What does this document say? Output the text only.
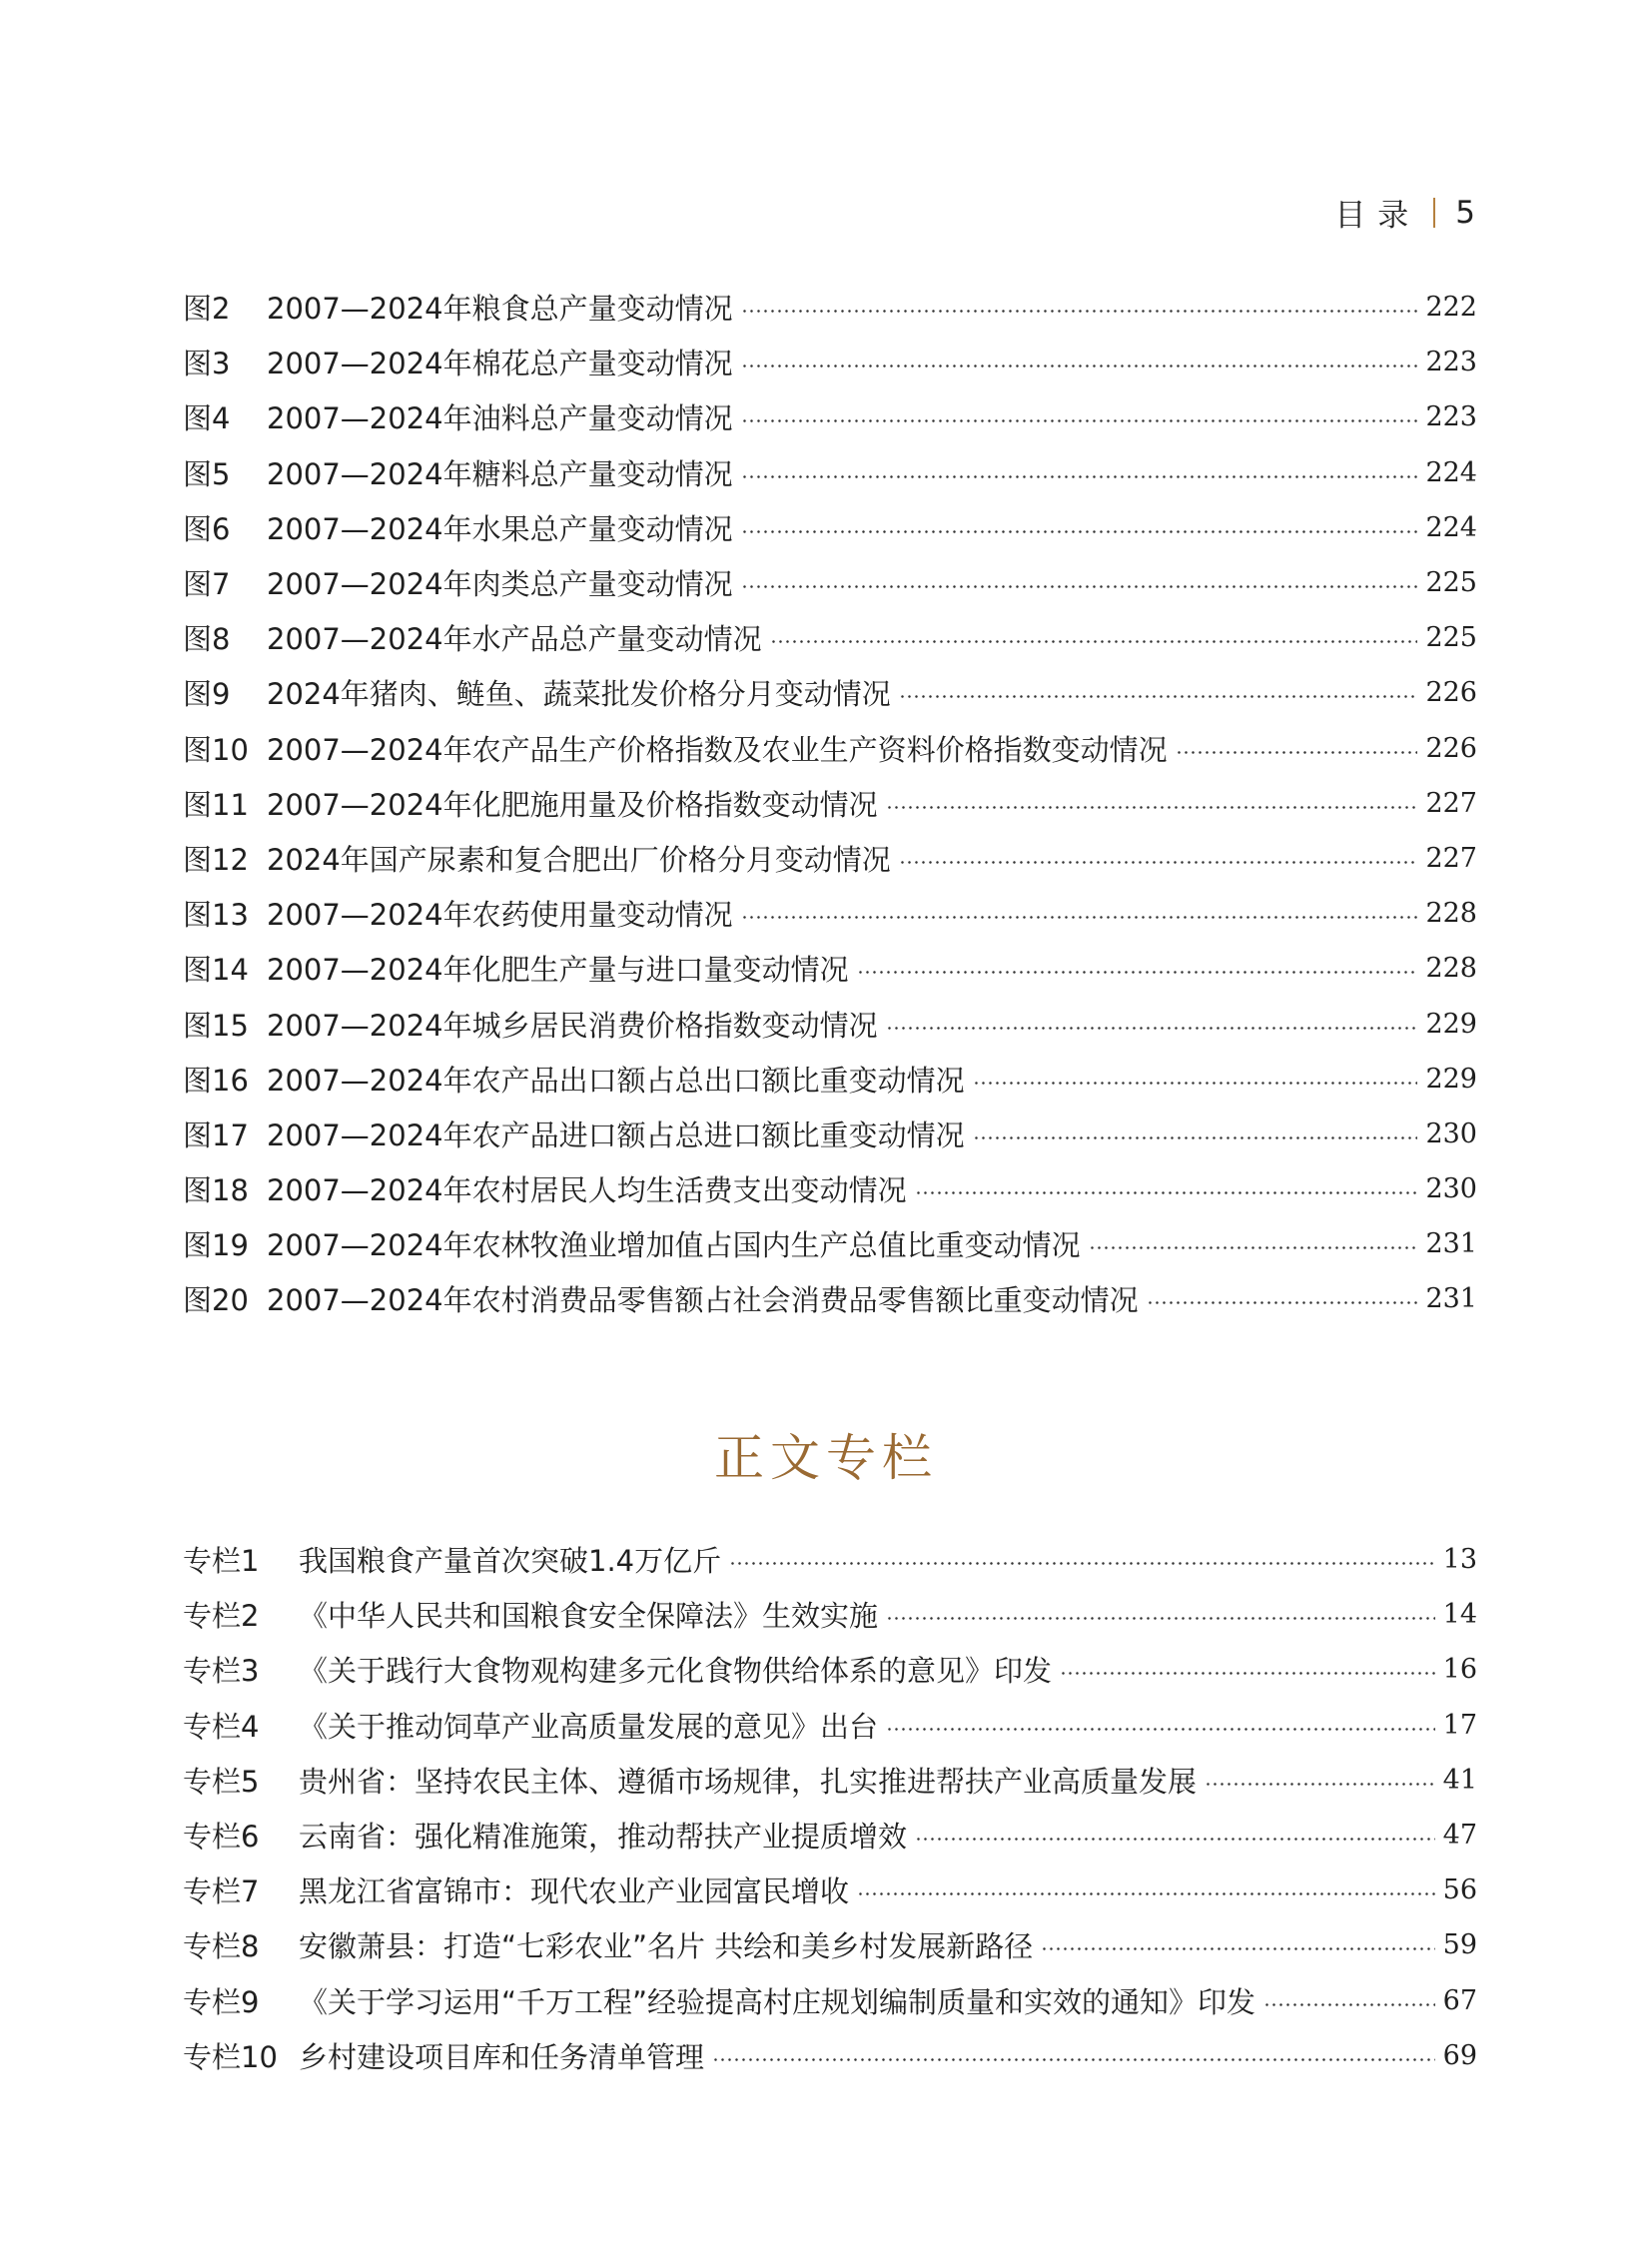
目 录 5
图2	2007—2024年粮食总产量变动情况	222
图3	2007—2024年棉花总产量变动情况	223
图4	2007—2024年油料总产量变动情况	223
图5	2007—2024年糖料总产量变动情况	224
图6	2007—2024年水果总产量变动情况	224
图7	2007—2024年肉类总产量变动情况	225
图8	2007—2024年水产品总产量变动情况	225
图9	2024年猪肉、鲢鱼、蔬菜批发价格分月变动情况	226
图10 2007—2024年农产品生产价格指数及农业生产资料价格指数变动情况	226
图11 2007—2024年化肥施用量及价格指数变动情况	227
图12 2024年国产尿素和复合肥出厂价格分月变动情况	227
图13 2007—2024年农药使用量变动情况	228
图14 2007—2024年化肥生产量与进口量变动情况	228
图15 2007—2024年城乡居民消费价格指数变动情况	229
图16 2007—2024年农产品出口额占总出口额比重变动情况	229
图17 2007—2024年农产品进口额占总进口额比重变动情况	230
图18 2007—2024年农村居民人均生活费支出变动情况	230
图19 2007—2024年农林牧渔业增加值占国内生产总值比重变动情况	231
图20 2007—2024年农村消费品零售额占社会消费品零售额比重变动情况	231
正文专栏
专栏1	我国粮食产量首次突破1.4万亿斤	13
专栏2	《中华人民共和国粮食安全保障法》生效实施	14
专栏3	《关于践行大食物观构建多元化食物供给体系的意见》印发	16
专栏4	《关于推动饲草产业高质量发展的意见》出台	17
专栏5	贵州省：坚持农民主体、遵循市场规律，扎实推进帮扶产业高质量发展	41
专栏6	云南省：强化精准施策，推动帮扶产业提质增效	47
专栏7	黑龙江省富锦市：现代农业产业园富民增收	56
专栏8	安徽萧县：打造“七彩农业”名片 共绘和美乡村发展新路径	59
专栏9	《关于学习运用“千万工程”经验提高村庄规划编制质量和实效的通知》印发	67
专栏10 乡村建设项目库和任务清单管理	69
